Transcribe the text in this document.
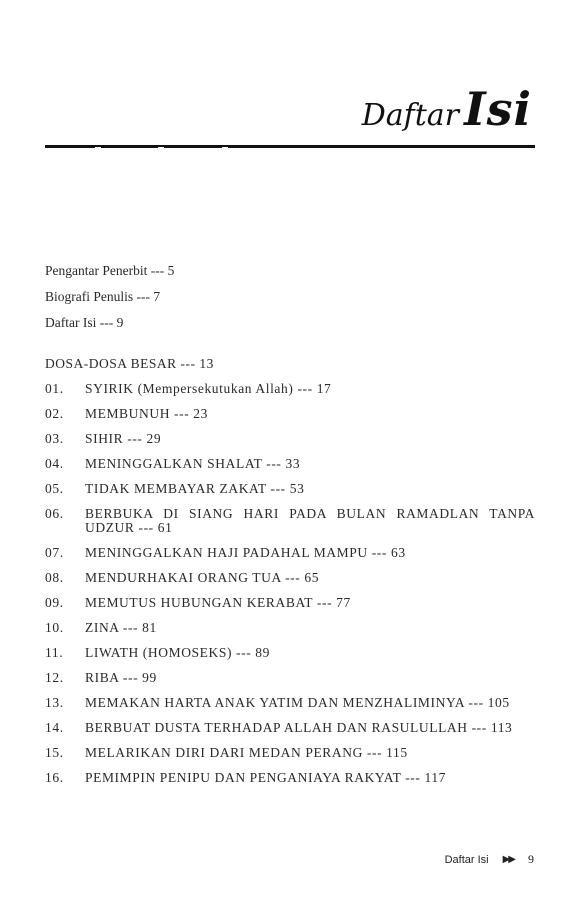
Daftar Isi
Pengantar Penerbit --- 5
Biografi Penulis --- 7
Daftar Isi --- 9
DOSA-DOSA BESAR --- 13
01.	SYIRIK (Mempersekutukan Allah) --- 17
02.	MEMBUNUH --- 23
03.	SIHIR --- 29
04.	MENINGGALKAN SHALAT --- 33
05.	TIDAK MEMBAYAR ZAKAT --- 53
06.	BERBUKA DI SIANG HARI PADA BULAN RAMADLAN TANPA UDZUR --- 61
07.	MENINGGALKAN HAJI PADAHAL MAMPU --- 63
08.	MENDURHAKAI ORANG TUA --- 65
09.	MEMUTUS HUBUNGAN KERABAT --- 77
10.	ZINA --- 81
11.	LIWATH (HOMOSEKS) --- 89
12.	RIBA --- 99
13.	MEMAKAN HARTA ANAK YATIM DAN MENZHALIMINYA --- 105
14.	BERBUAT DUSTA TERHADAP ALLAH DAN RASULULLAH --- 113
15.	MELARIKAN DIRI DARI MEDAN PERANG --- 115
16.	PEMIMPIN PENIPU DAN PENGANIAYA RAKYAT --- 117
Daftar Isi ▶▶ 9
